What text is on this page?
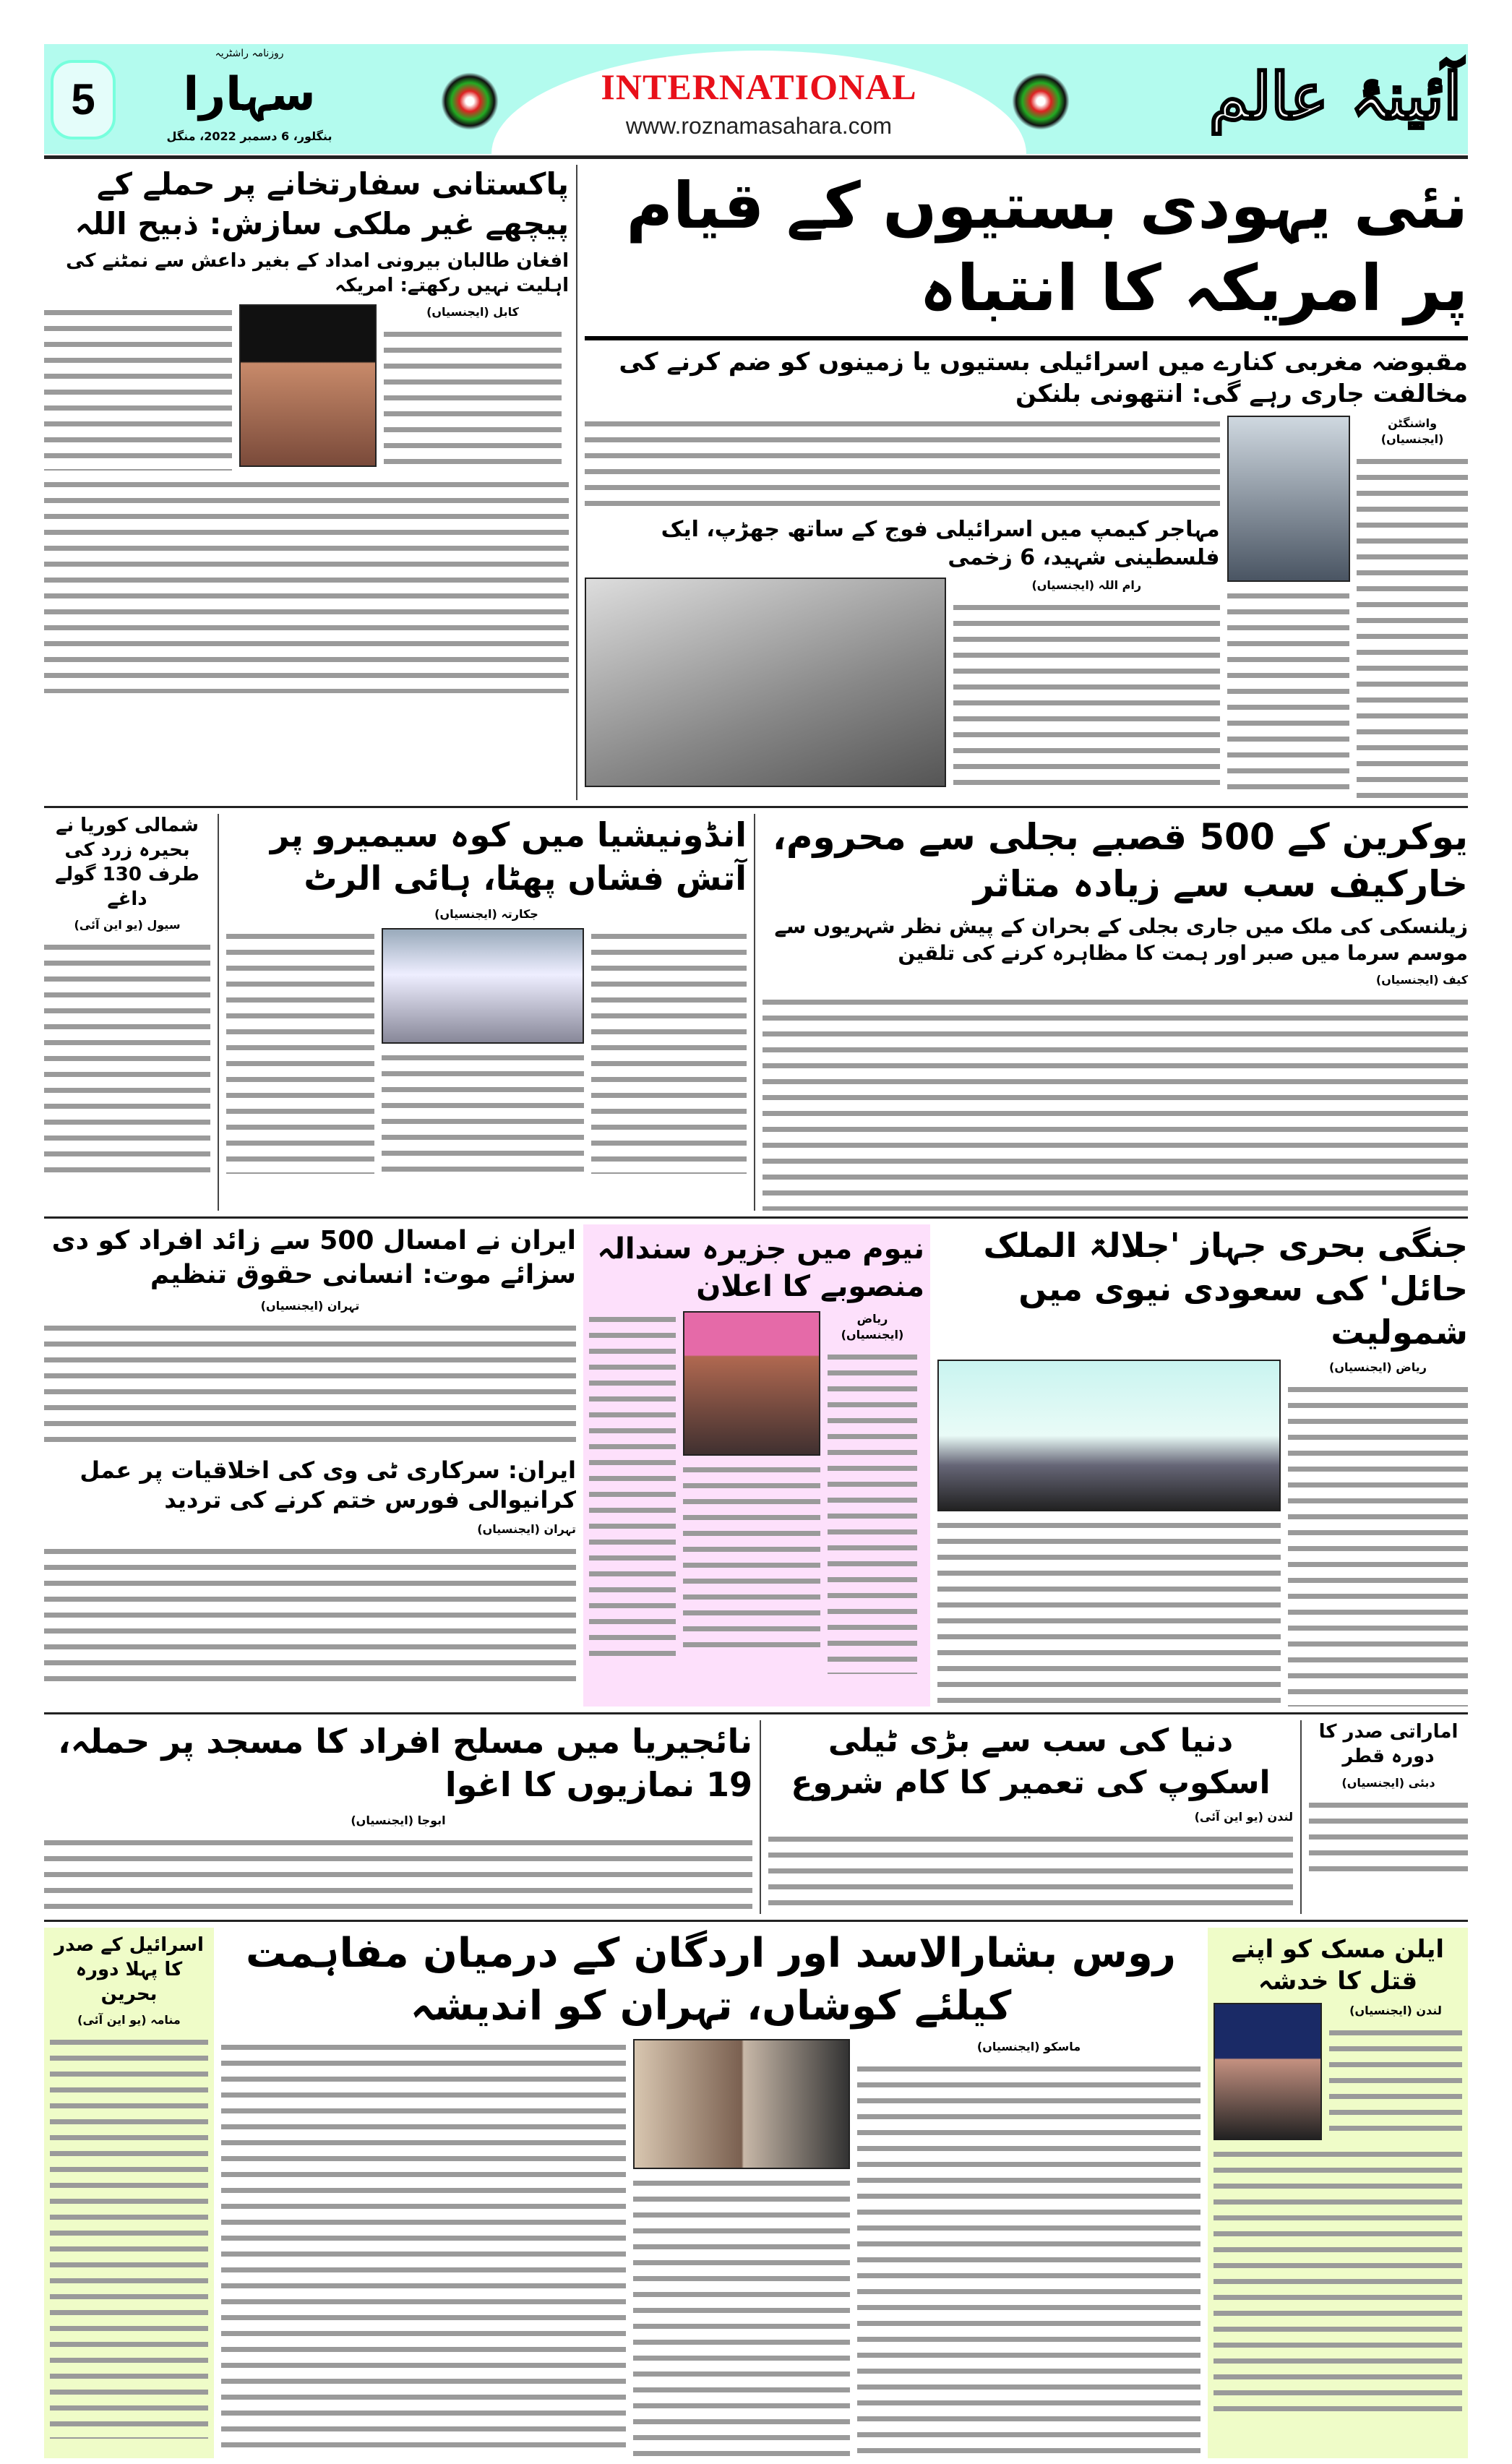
INTERNATIONAL
www.roznamasahara.com
5
روزنامہ راشٹریہ
سہارا
بنگلور، 6 دسمبر 2022، منگل
آئینۂ عالم
پاکستانی سفارتخانے پر حملے کے پیچھے غیر ملکی سازش: ذبیح اللہ
افغان طالبان بیرونی امداد کے بغیر داعش سے نمٹنے کی اہلیت نہیں رکھتے: امریکہ
کابل (ایجنسیاں)
نئی یہودی بستیوں کے قیام پر امریکہ کا انتباہ
مقبوضہ مغربی کنارے میں اسرائیلی بستیوں یا زمینوں کو ضم کرنے کی مخالفت جاری رہے گی: انتھونی بلنکن
مہاجر کیمپ میں اسرائیلی فوج کے ساتھ جھڑپ، ایک فلسطینی شہید، 6 زخمی
رام اللہ (ایجنسیاں)
واشنگٹن (ایجنسیاں)
شمالی کوریا نے بحیرہ زرد کی طرف 130 گولے داغے
سیول (یو این آئی)
انڈونیشیا میں کوہ سیمیرو پر آتش فشاں پھٹا، ہائی الرٹ
جکارتہ (ایجنسیاں)
یوکرین کے 500 قصبے بجلی سے محروم، خارکیف سب سے زیادہ متاثر
زیلنسکی کی ملک میں جاری بجلی کے بحران کے پیش نظر شہریوں سے موسم سرما میں صبر اور ہمت کا مظاہرہ کرنے کی تلقین
کیف (ایجنسیاں)
ایران نے امسال 500 سے زائد افراد کو دی سزائے موت: انسانی حقوق تنظیم
تہران (ایجنسیاں)
ایران: سرکاری ٹی وی کی اخلاقیات پر عمل کرانیوالی فورس ختم کرنے کی تردید
تہران (ایجنسیاں)
نیوم میں جزیرہ سندالہ منصوبے کا اعلان
ریاض (ایجنسیاں)
جنگی بحری جہاز 'جلالۃ الملک حائل' کی سعودی نیوی میں شمولیت
ریاض (ایجنسیاں)
نائجیریا میں مسلح افراد کا مسجد پر حملہ، 19 نمازیوں کا اغوا
ابوجا (ایجنسیاں)
دنیا کی سب سے بڑی ٹیلی اسکوپ کی تعمیر کا کام شروع
لندن (یو این آئی)
اماراتی صدر کا دورہ قطر
دبئی (ایجنسیاں)
اسرائیل کے صدر کا پہلا دورہ بحرین
منامہ (یو این آئی)
روس بشارالاسد اور اردگان کے درمیان مفاہمت کیلئے کوشاں، تہران کو اندیشہ
ماسکو (ایجنسیاں)
ایلن مسک کو اپنے قتل کا خدشہ
لندن (ایجنسیاں)
